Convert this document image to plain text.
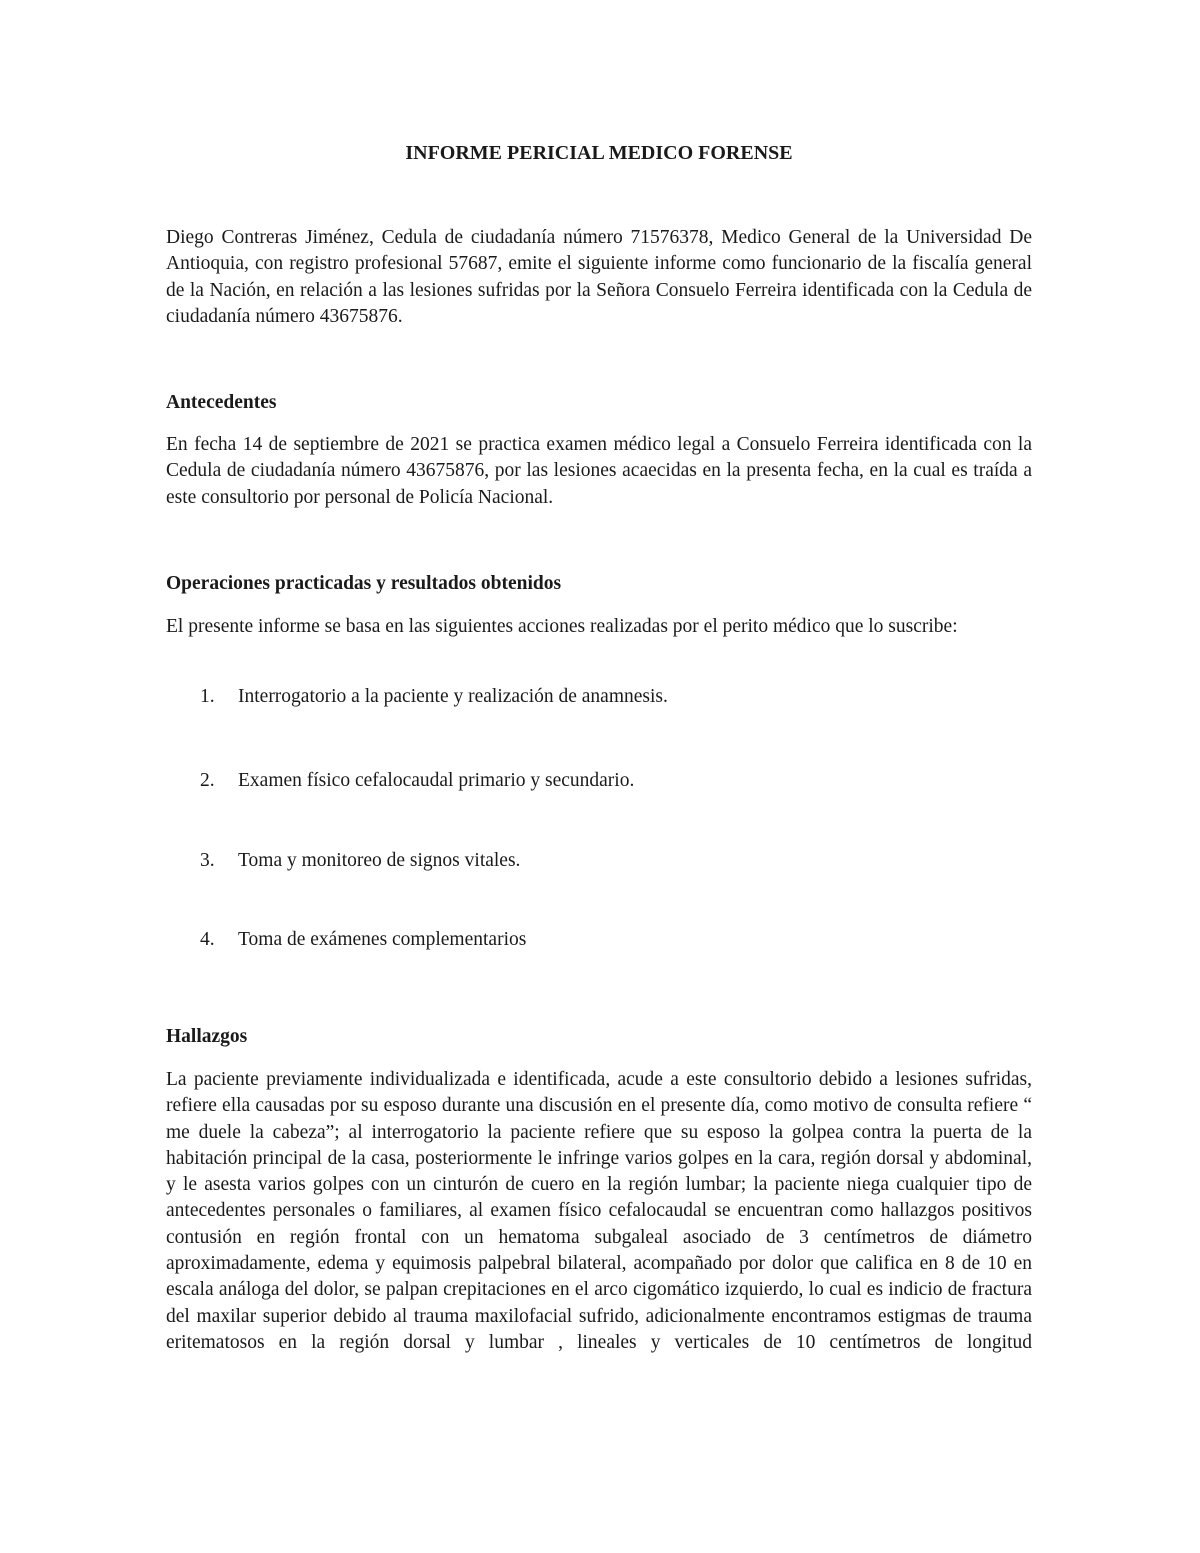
INFORME PERICIAL MEDICO FORENSE
Diego Contreras Jiménez, Cedula de ciudadanía número 71576378, Medico General de la Universidad De Antioquia, con registro profesional 57687, emite el siguiente informe como funcionario de la fiscalía general de la Nación, en relación a las lesiones sufridas por la Señora Consuelo Ferreira identificada con la Cedula de ciudadanía número 43675876.
Antecedentes
En fecha 14 de septiembre de 2021 se practica examen médico legal a Consuelo Ferreira identificada con la Cedula de ciudadanía número 43675876, por las lesiones acaecidas en la presenta fecha, en la cual es traída a este consultorio por personal de Policía Nacional.
Operaciones practicadas y resultados obtenidos
El presente informe se basa en las siguientes acciones realizadas por el perito médico que lo suscribe:
1.	Interrogatorio a la paciente y realización de anamnesis.
2.	Examen físico cefalocaudal primario y secundario.
3.	Toma y monitoreo de signos vitales.
4.	Toma de exámenes complementarios
Hallazgos
La paciente previamente individualizada e identificada, acude a este consultorio debido a lesiones sufridas, refiere ella causadas por su esposo durante una discusión en el presente día, como motivo de consulta refiere “ me duele la cabeza”; al interrogatorio la paciente refiere que su esposo la golpea contra la puerta de la habitación principal de la casa, posteriormente le infringe varios golpes en la cara, región dorsal y abdominal, y le asesta varios golpes con un cinturón de cuero en la región lumbar; la paciente niega cualquier tipo de antecedentes personales o familiares, al examen físico cefalocaudal se encuentran como hallazgos positivos contusión en región frontal con un hematoma subgaleal asociado de 3 centímetros de diámetro aproximadamente, edema y equimosis palpebral bilateral, acompañado por dolor que califica en 8 de 10 en escala análoga del dolor, se palpan crepitaciones en el arco cigomático izquierdo, lo cual es indicio de fractura del maxilar superior debido al trauma maxilofacial sufrido, adicionalmente encontramos estigmas de trauma eritematosos en la región dorsal y lumbar , lineales y verticales de 10 centímetros de longitud
